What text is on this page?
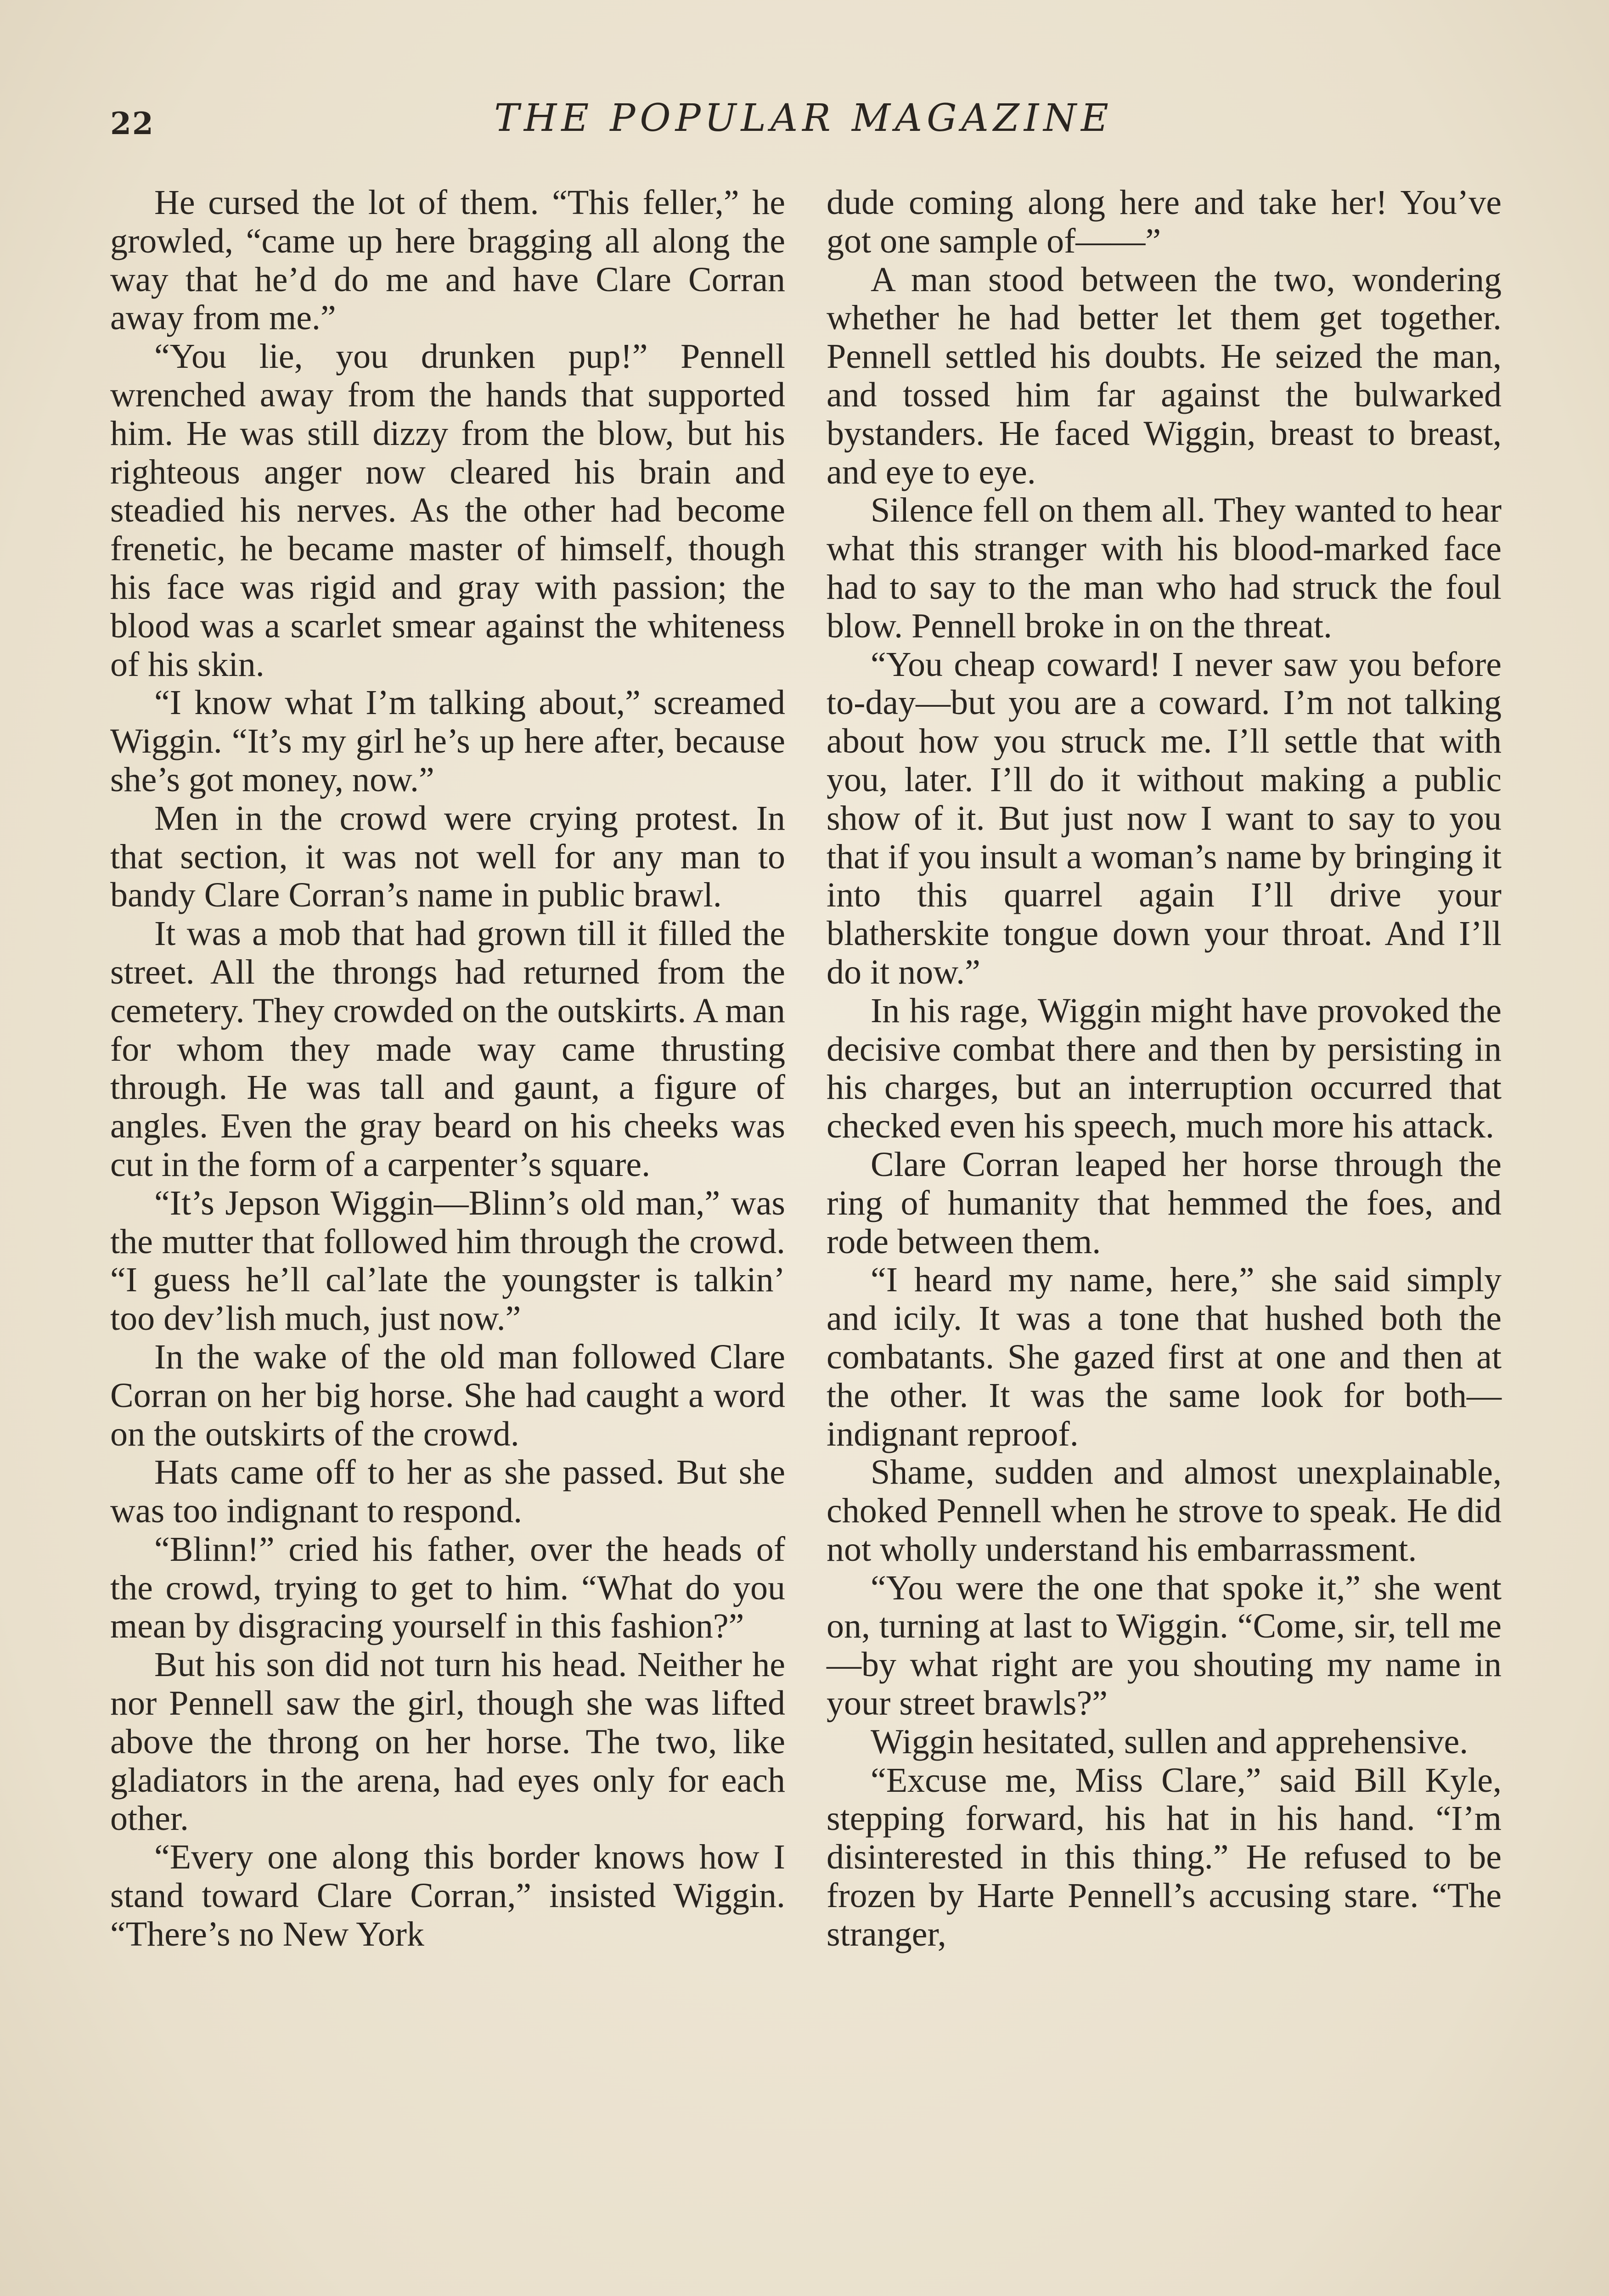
22	THE POPULAR MAGAZINE

He cursed the lot of them. “This feller,” he growled, “came up here bragging all along the way that he’d do me and have Clare Corran away from me.”

“You lie, you drunken pup!” Pennell wrenched away from the hands that supported him. He was still dizzy from the blow, but his righteous anger now cleared his brain and steadied his nerves. As the other had become frenetic, he became master of himself, though his face was rigid and gray with passion; the blood was a scarlet smear against the whiteness of his skin.

“I know what I’m talking about,” screamed Wiggin. “It’s my girl he’s up here after, because she’s got money, now.”

Men in the crowd were crying protest. In that section, it was not well for any man to bandy Clare Corran’s name in public brawl.

It was a mob that had grown till it filled the street. All the throngs had returned from the cemetery. They crowded on the outskirts. A man for whom they made way came thrusting through. He was tall and gaunt, a figure of angles. Even the gray beard on his cheeks was cut in the form of a carpenter’s square.

“It’s Jepson Wiggin—Blinn’s old man,” was the mutter that followed him through the crowd. “I guess he’ll cal’late the youngster is talkin’ too dev’lish much, just now.”

In the wake of the old man followed Clare Corran on her big horse. She had caught a word on the outskirts of the crowd.

Hats came off to her as she passed. But she was too indignant to respond.

“Blinn!” cried his father, over the heads of the crowd, trying to get to him. “What do you mean by disgracing yourself in this fashion?”

But his son did not turn his head. Neither he nor Pennell saw the girl, though she was lifted above the throng on her horse. The two, like gladiators in the arena, had eyes only for each other.

“Every one along this border knows how I stand toward Clare Corran,” insisted Wiggin. “There’s no New York

dude coming along here and take her! You’ve got one sample of——”

A man stood between the two, wondering whether he had better let them get together. Pennell settled his doubts. He seized the man, and tossed him far against the bulwarked bystanders. He faced Wiggin, breast to breast, and eye to eye.

Silence fell on them all. They wanted to hear what this stranger with his blood-marked face had to say to the man who had struck the foul blow. Pennell broke in on the threat.

“You cheap coward! I never saw you before to-day—but you are a coward. I’m not talking about how you struck me. I’ll settle that with you, later. I’ll do it without making a public show of it. But just now I want to say to you that if you insult a woman’s name by bringing it into this quarrel again I’ll drive your blatherskite tongue down your throat. And I’ll do it now.”

In his rage, Wiggin might have provoked the decisive combat there and then by persisting in his charges, but an interruption occurred that checked even his speech, much more his attack.

Clare Corran leaped her horse through the ring of humanity that hemmed the foes, and rode between them.

“I heard my name, here,” she said simply and icily. It was a tone that hushed both the combatants. She gazed first at one and then at the other. It was the same look for both—indignant reproof.

Shame, sudden and almost unexplainable, choked Pennell when he strove to speak. He did not wholly understand his embarrassment.

“You were the one that spoke it,” she went on, turning at last to Wiggin. “Come, sir, tell me—by what right are you shouting my name in your street brawls?”

Wiggin hesitated, sullen and apprehensive.

“Excuse me, Miss Clare,” said Bill Kyle, stepping forward, his hat in his hand. “I’m disinterested in this thing.” He refused to be frozen by Harte Pennell’s accusing stare. “The stranger,
